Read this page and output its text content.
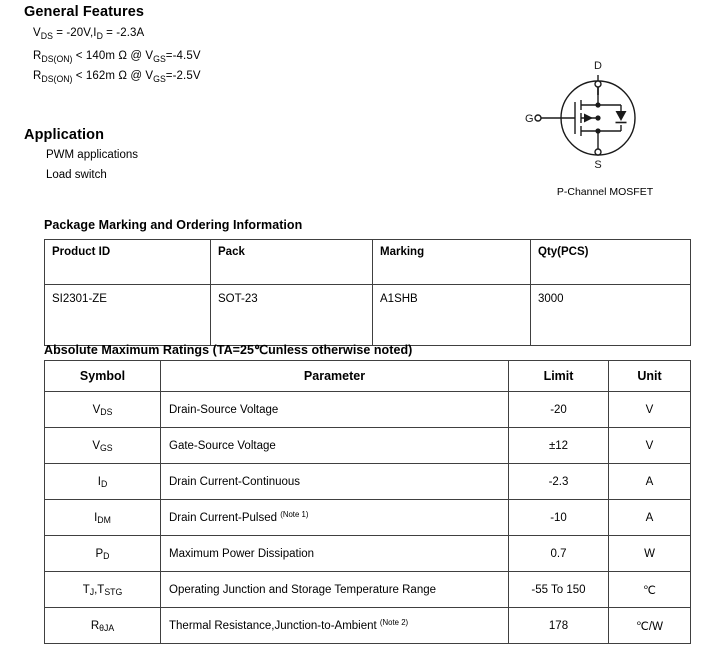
General Features
$V_{DS} = -20V,I_D = -2.3A$
$R_{DS(ON)} < 140m$ Ω @ $V_{GS}=-4.5V$
$R_{DS(ON)} < 162m$ Ω @ $V_{GS}=-2.5V$
Application
PWM applications
Load switch
D
S
G
P-Channel MOSFET
Package Marking and Ordering Information
Product ID	Pack	Marking	Qty(PCS)
SI2301-ZE	SOT-23	A1SHB	3000
Absolute Maximum Ratings (TA=25℃unless otherwise noted)
Symbol	Parameter	Limit	Unit
$V_{DS}$	Drain-Source Voltage	-20	V
$V_{GS}$	Gate-Source Voltage	±12	V
$I_D$	Drain Current-Continuous	-2.3	A
$I_{DM}$	Drain Current-Pulsed $^{(Note 1)}$	-10	A
$P_D$	Maximum Power Dissipation	0.7	W
$T_J,T_{STG}$	Operating Junction and Storage Temperature Range	-55 To 150	℃
$R_{\theta JA}$	Thermal Resistance,Junction-to-Ambient $^{(Note 2)}$	178	℃/W
